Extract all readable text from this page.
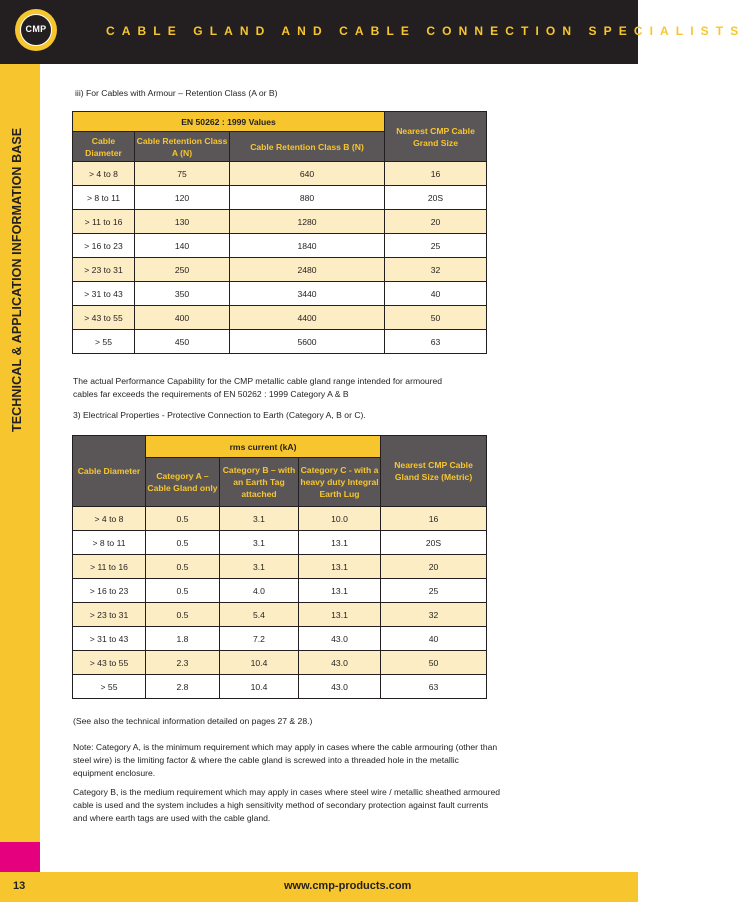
CMP	CABLE GLAND AND CABLE CONNECTION SPECIALISTS
TECHNICAL & APPLICATION INFORMATION BASE
iii) For Cables with Armour – Retention Class (A or B)
EN 50262 : 1999 Values			Nearest CMP Cable Grand Size
Cable Diameter	Cable Retention Class A (N)	Cable Retention Class B (N)	
> 4 to 8	75	640	16
> 8 to 11	120	880	20S
> 11 to 16	130	1280	20
> 16 to 23	140	1840	25
> 23 to 31	250	2480	32
> 31 to 43	350	3440	40
> 43 to 55	400	4400	50
> 55	450	5600	63
The actual Performance Capability for the CMP metallic cable gland range intended for armoured
cables far exceeds the requirements of EN 50262 : 1999 Category A & B
3) Electrical Properties - Protective Connection to Earth (Category A, B or C).
Cable Diameter	rms current (kA)			Nearest CMP Cable Gland Size (Metric)
	Category A – Cable Gland only	Category B – with an Earth Tag attached	Category C - with a heavy duty Integral Earth Lug	
> 4 to 8	0.5	3.1	10.0	16
> 8 to 11	0.5	3.1	13.1	20S
> 11 to 16	0.5	3.1	13.1	20
> 16 to 23	0.5	4.0	13.1	25
> 23 to 31	0.5	5.4	13.1	32
> 31 to 43	1.8	7.2	43.0	40
> 43 to 55	2.3	10.4	43.0	50
> 55	2.8	10.4	43.0	63
(See also the technical information detailed on pages 27 & 28.)
Note: Category A, is the minimum requirement which may apply in cases where the cable armouring (other than
steel wire) is the limiting factor & where the cable gland is screwed into a threaded hole in the metallic
equipment enclosure.
Category B, is the medium requirement which may apply in cases where steel wire / metallic sheathed armoured
cable is used and the system includes a high sensitivity method of secondary protection against fault currents
and where earth tags are used with the cable gland.
13	www.cmp-products.com
